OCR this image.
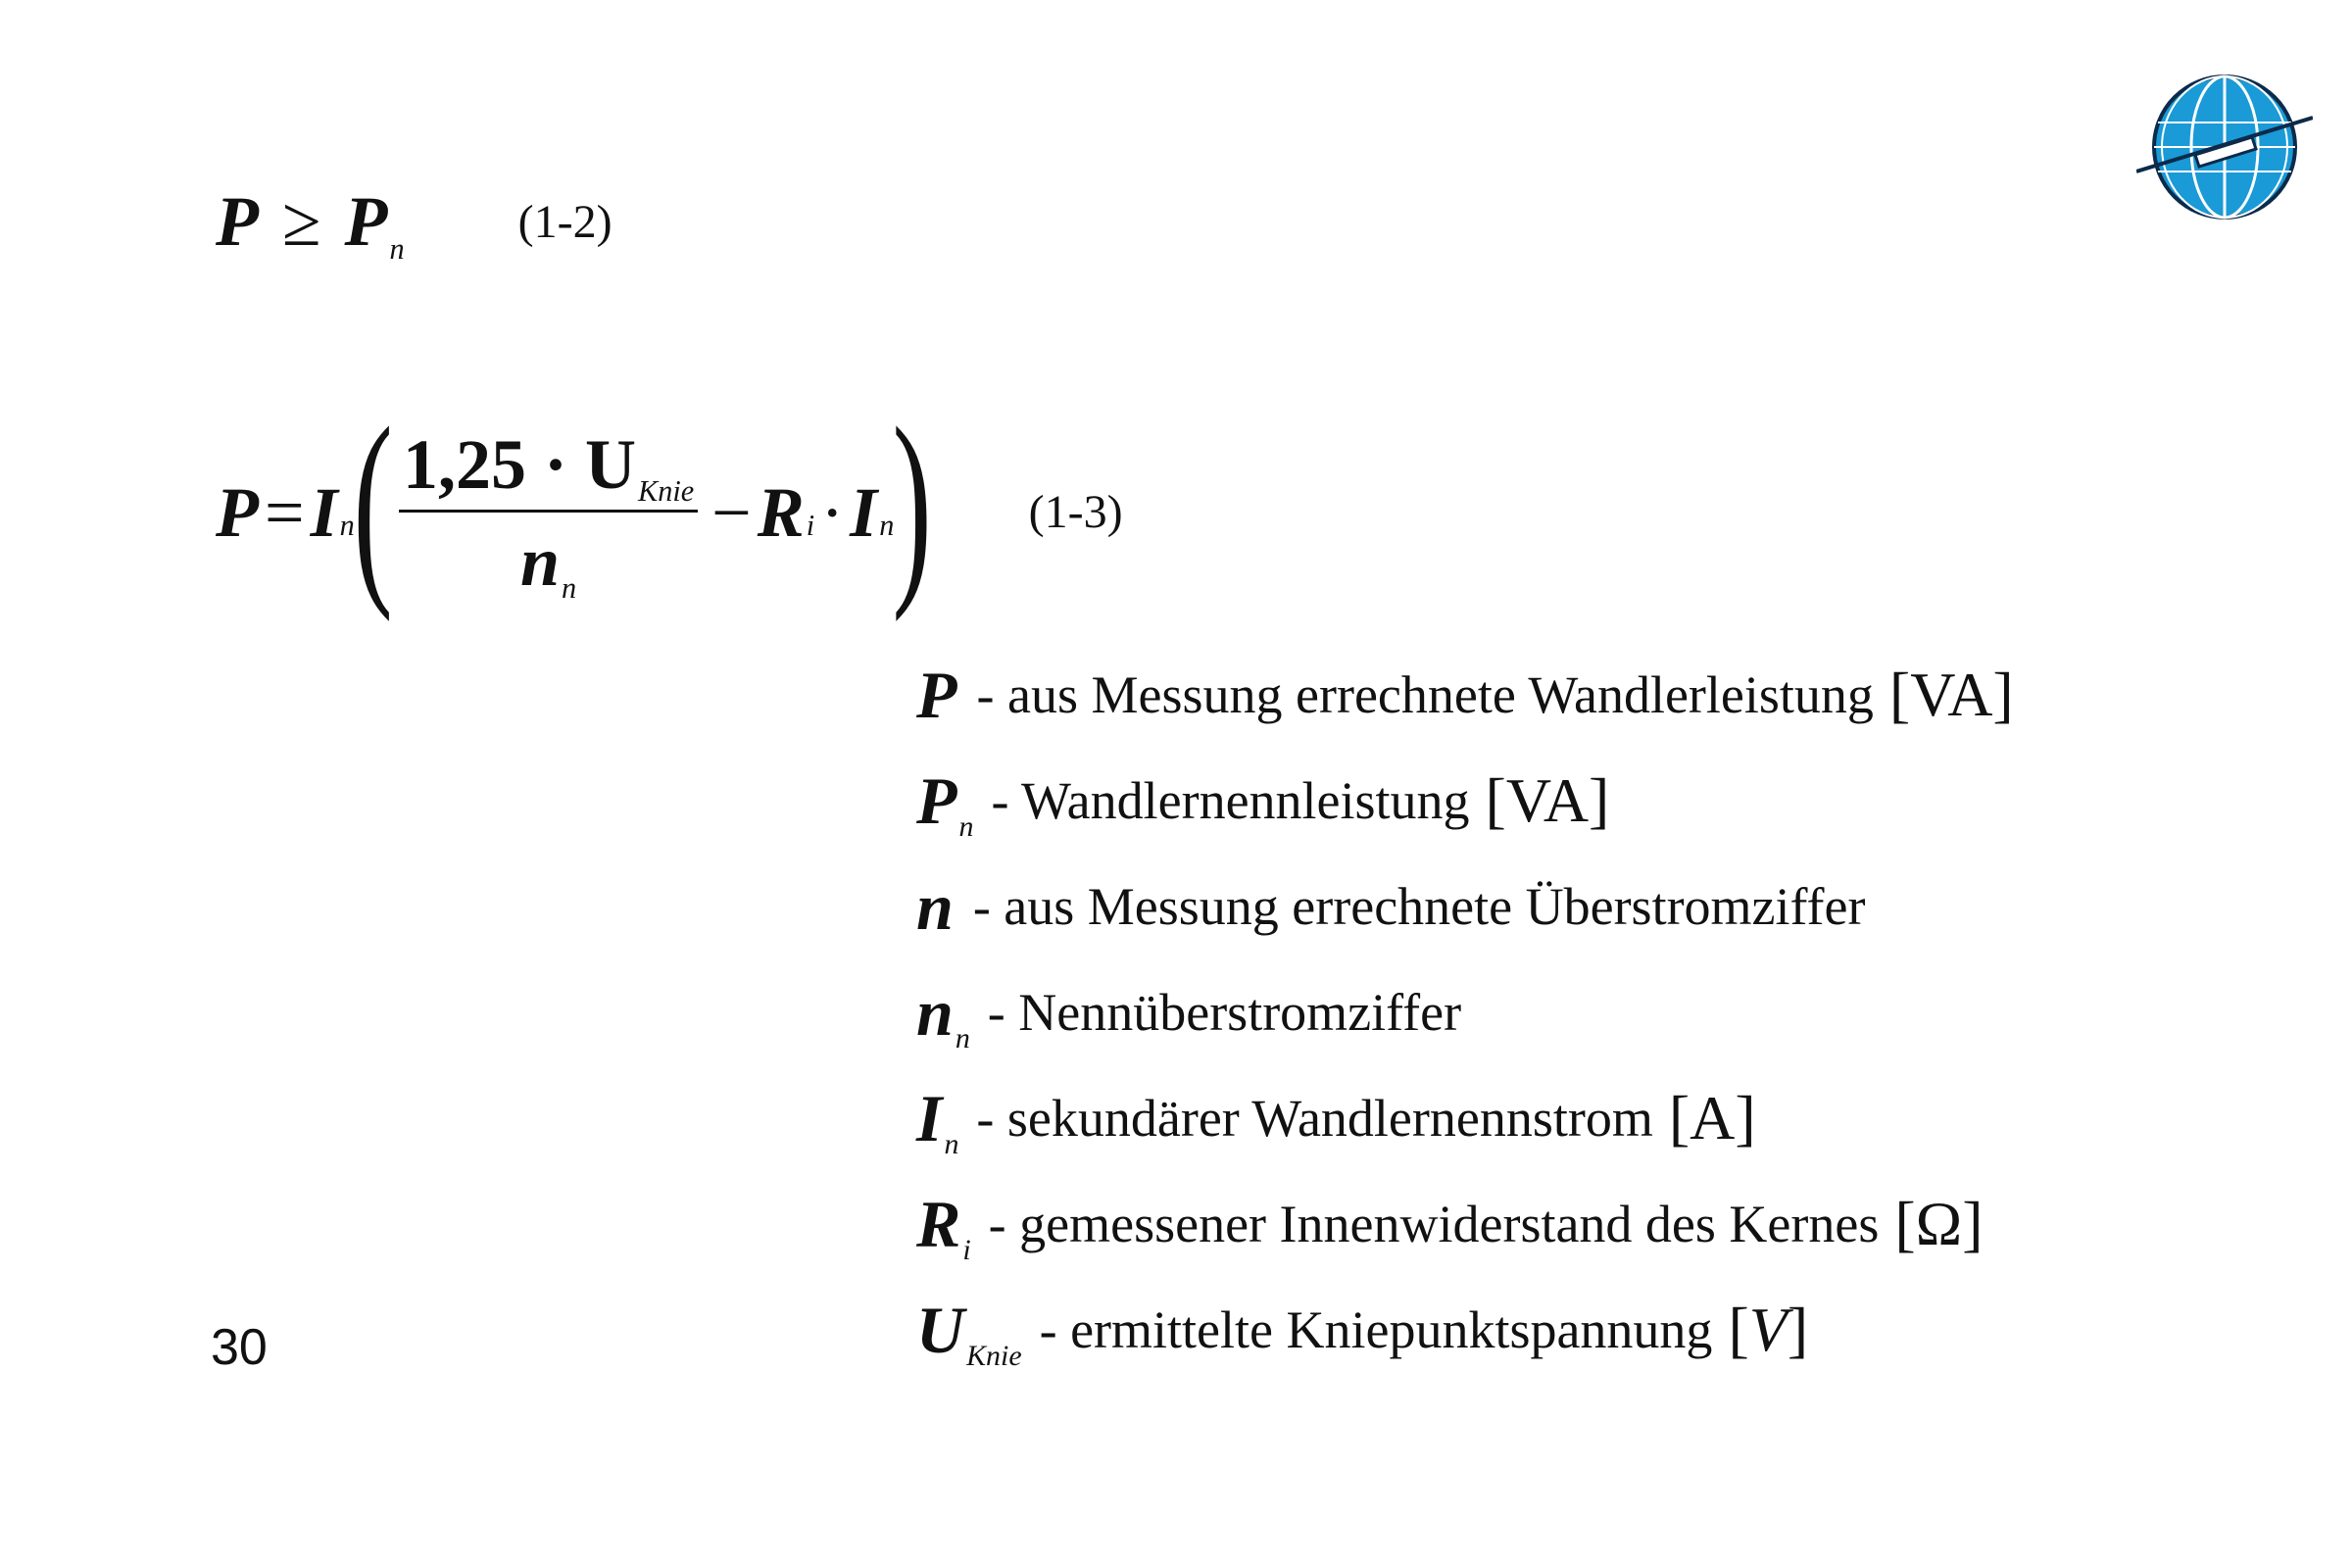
P ≥ Pn (1-2)
P = I n
( $\frac{\text{1,25 · UKnie}}{nn} - R$ i · I n
) (1-3)
P - aus Messung errechnete Wandlerleistung [VA]
Pn - Wandlernennleistung [VA]
n - aus Messung errechnete Überstromziffer
nn - Nennüberstromziffer
In - sekundärer Wandlernennstrom [A]
Ri - gemessener Innenwiderstand des Kernes [Ω]
UKnie - ermittelte Kniepunktspannung [V]
30
